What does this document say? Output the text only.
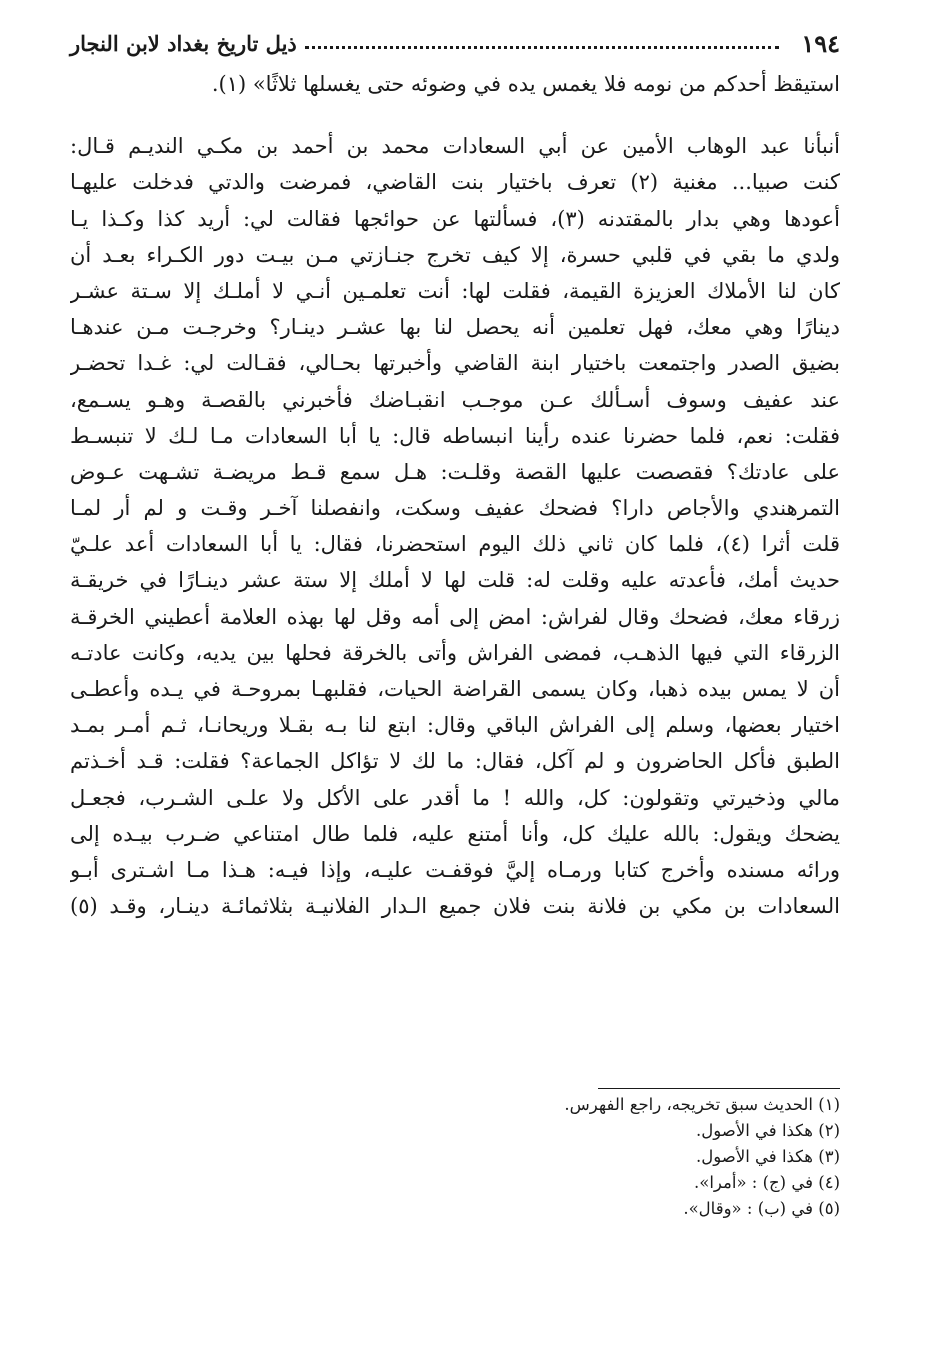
١٩٤
ذيل تاريخ بغداد لابن النجار
استيقظ أحدكم من نومه فلا يغمس يده في وضوئه حتى يغسلها ثلاثًا» (١).
أنبأنا عبد الوهاب الأمين عن أبي السعادات محمد بن أحمد بن مكـي النديـم قـال:
كنت صبيا... مغنية (٢) تعرف باختيار بنت القاضي، فمرضت والدتي فدخلت عليهـا
أعودها وهي بدار بالمقتدنه (٣)، فسألتها عن حوائجها فقالت لي: أريد كذا وكـذا يـا
ولدي ما بقي في قلبي حسرة، إلا كيف تخرج جنـازتي مـن بيـت دور الكـراء بعـد أن
كان لنا الأملاك العزيزة القيمة، فقلت لها: أنت تعلمـين أنـي لا أملـك إلا سـتة عشـر
دينارًا وهي معك، فهل تعلمين أنه يحصل لنا بها عشـر دينـار؟ وخرجـت مـن عندهـا
بضيق الصدر واجتمعت باختيار ابنة القاضي وأخبرتها بحـالي، فقـالت لي: غـدا تحضـر
عند عفيف وسوف أسـألك عـن موجـب انقبـاضك فأخبرني بالقصـة وهـو يسـمع،
فقلت: نعم، فلما حضرنا عنده رأينا انبساطه قال: يا أبا السعادات مـا لـك لا تنبسـط
على عادتك؟ فقصصت عليها القصة وقلـت: هـل سمع قـط مريضـة تشـهت عـوض
التمرهندي والأجاص دارا؟ فضحك عفيف وسكت، وانفصلنا آخـر وقـت و لم أر لمـا
قلت أثرا (٤)، فلما كان ثاني ذلك اليوم استحضرنا، فقال: يا أبا السعادات أعد علـيّ
حديث أمك، فأعدته عليه وقلت له: قلت لها لا أملك إلا ستة عشر دينـارًا في خريقـة
زرقاء معك، فضحك وقال لفراش: امض إلى أمه وقل لها بهذه العلامة أعطيني الخرقـة
الزرقاء التي فيها الذهـب، فمضى الفراش وأتى بالخرقة فحلها بين يديه، وكانت عادتـه
أن لا يمس بيده ذهبا، وكان يسمى القراضة الحيات، فقلبهـا بمروحـة في يـده وأعطـى
اختيار بعضها، وسلم إلى الفراش الباقي وقال: ابتع لنا بـه بقـلا وريحانـا، ثـم أمـر بمـد
الطبق فأكل الحاضرون و لم آكل، فقال: ما لك لا تؤاكل الجماعة؟ فقلت: قـد أخـذتم
مالي وذخيرتي وتقولون: كل، والله ! ما أقدر على الأكل ولا علـى الشـرب، فجعـل
يضحك ويقول: بالله عليك كل، وأنا أمتنع عليه، فلما طال امتناعي ضـرب بيـده إلى
ورائه مسنده وأخرج كتابا ورمـاه إليَّ فوقفـت عليـه، وإذا فيـه: هـذا مـا اشـترى أبـو
السعادات بن مكي بن فلانة بنت فلان جميع الـدار الفلانيـة بثلاثمائـة دينـار، وقـد (٥)
(١) الحديث سبق تخريجه، راجع الفهرس.
(٢) هكذا في الأصول.
(٣) هكذا في الأصول.
(٤) في (ج) : «أمرا».
(٥) في (ب) : «وقال».
